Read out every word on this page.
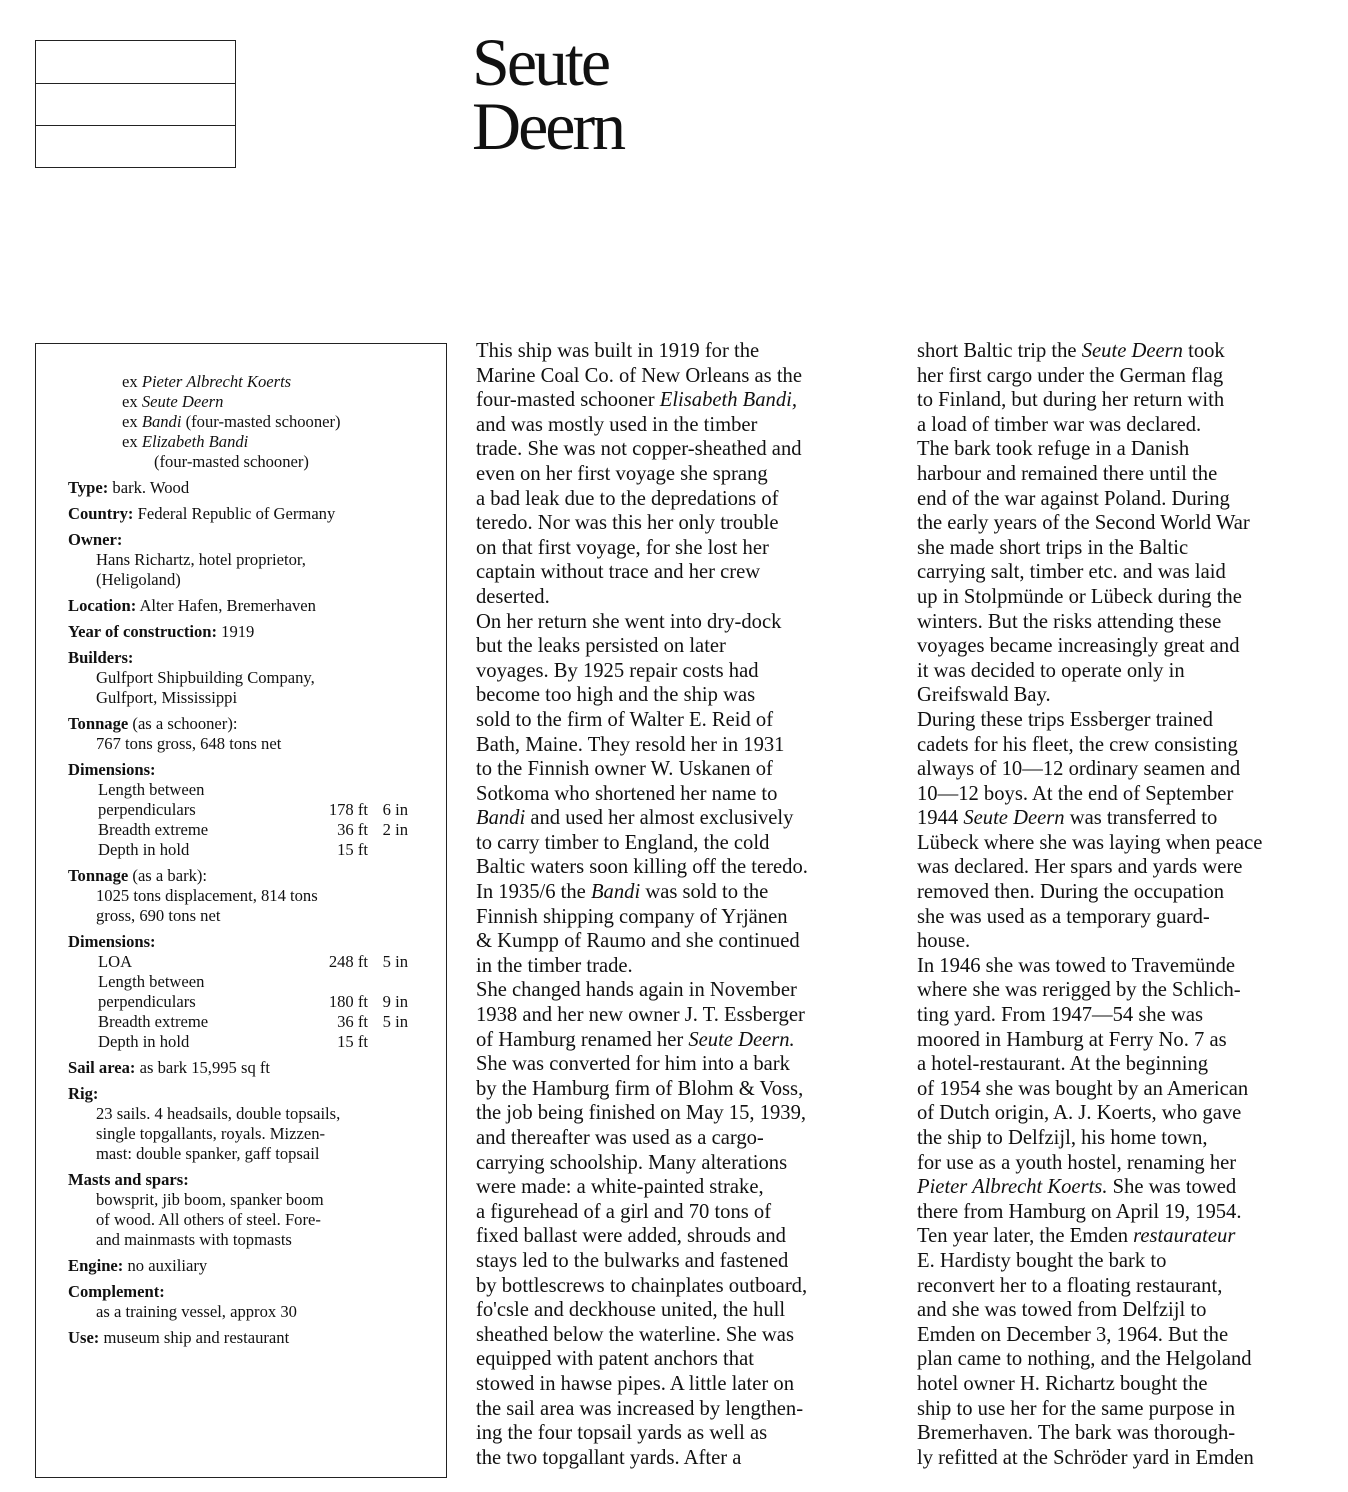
Seute
Deern
ex Pieter Albrecht Koerts
ex Seute Deern
ex Bandi (four-masted schooner)
ex Elizabeth Bandi
(four-masted schooner)
Type: bark. Wood
Country: Federal Republic of Germany
Owner:
Hans Richartz, hotel proprietor,
(Heligoland)
Location: Alter Hafen, Bremerhaven
Year of construction: 1919
Builders:
Gulfport Shipbuilding Company,
Gulfport, Mississippi
Tonnage (as a schooner):
767 tons gross, 648 tons net
Dimensions:
Length between
perpendiculars	178 ft 6 in
Breadth extreme	36 ft 2 in
Depth in hold	15 ft
Tonnage (as a bark):
1025 tons displacement, 814 tons
gross, 690 tons net
Dimensions:
LOA	248 ft 5 in
Length between
perpendiculars	180 ft 9 in
Breadth extreme	36 ft 5 in
Depth in hold	15 ft
Sail area: as bark 15,995 sq ft
Rig:
23 sails. 4 headsails, double topsails,
single topgallants, royals. Mizzen-
mast: double spanker, gaff topsail
Masts and spars:
bowsprit, jib boom, spanker boom
of wood. All others of steel. Fore-
and mainmasts with topmasts
Engine: no auxiliary
Complement:
as a training vessel, approx 30
Use: museum ship and restaurant
This ship was built in 1919 for the
Marine Coal Co. of New Orleans as the
four-masted schooner Elisabeth Bandi,
and was mostly used in the timber
trade. She was not copper-sheathed and
even on her first voyage she sprang
a bad leak due to the depredations of
teredo. Nor was this her only trouble
on that first voyage, for she lost her
captain without trace and her crew
deserted.
On her return she went into dry-dock
but the leaks persisted on later
voyages. By 1925 repair costs had
become too high and the ship was
sold to the firm of Walter E. Reid of
Bath, Maine. They resold her in 1931
to the Finnish owner W. Uskanen of
Sotkoma who shortened her name to
Bandi and used her almost exclusively
to carry timber to England, the cold
Baltic waters soon killing off the teredo.
In 1935/6 the Bandi was sold to the
Finnish shipping company of Yrjänen
& Kumpp of Raumo and she continued
in the timber trade.
She changed hands again in November
1938 and her new owner J. T. Essberger
of Hamburg renamed her Seute Deern.
She was converted for him into a bark
by the Hamburg firm of Blohm & Voss,
the job being finished on May 15, 1939,
and thereafter was used as a cargo-
carrying schoolship. Many alterations
were made: a white-painted strake,
a figurehead of a girl and 70 tons of
fixed ballast were added, shrouds and
stays led to the bulwarks and fastened
by bottlescrews to chainplates outboard,
fo'csle and deckhouse united, the hull
sheathed below the waterline. She was
equipped with patent anchors that
stowed in hawse pipes. A little later on
the sail area was increased by lengthen-
ing the four topsail yards as well as
the two topgallant yards. After a
short Baltic trip the Seute Deern took
her first cargo under the German flag
to Finland, but during her return with
a load of timber war was declared.
The bark took refuge in a Danish
harbour and remained there until the
end of the war against Poland. During
the early years of the Second World War
she made short trips in the Baltic
carrying salt, timber etc. and was laid
up in Stolpmünde or Lübeck during the
winters. But the risks attending these
voyages became increasingly great and
it was decided to operate only in
Greifswald Bay.
During these trips Essberger trained
cadets for his fleet, the crew consisting
always of 10—12 ordinary seamen and
10—12 boys. At the end of September
1944 Seute Deern was transferred to
Lübeck where she was laying when peace
was declared. Her spars and yards were
removed then. During the occupation
she was used as a temporary guard-
house.
In 1946 she was towed to Travemünde
where she was rerigged by the Schlich-
ting yard. From 1947—54 she was
moored in Hamburg at Ferry No. 7 as
a hotel-restaurant. At the beginning
of 1954 she was bought by an American
of Dutch origin, A. J. Koerts, who gave
the ship to Delfzijl, his home town,
for use as a youth hostel, renaming her
Pieter Albrecht Koerts. She was towed
there from Hamburg on April 19, 1954.
Ten year later, the Emden restaurateur
E. Hardisty bought the bark to
reconvert her to a floating restaurant,
and she was towed from Delfzijl to
Emden on December 3, 1964. But the
plan came to nothing, and the Helgoland
hotel owner H. Richartz bought the
ship to use her for the same purpose in
Bremerhaven. The bark was thorough-
ly refitted at the Schröder yard in Emden
